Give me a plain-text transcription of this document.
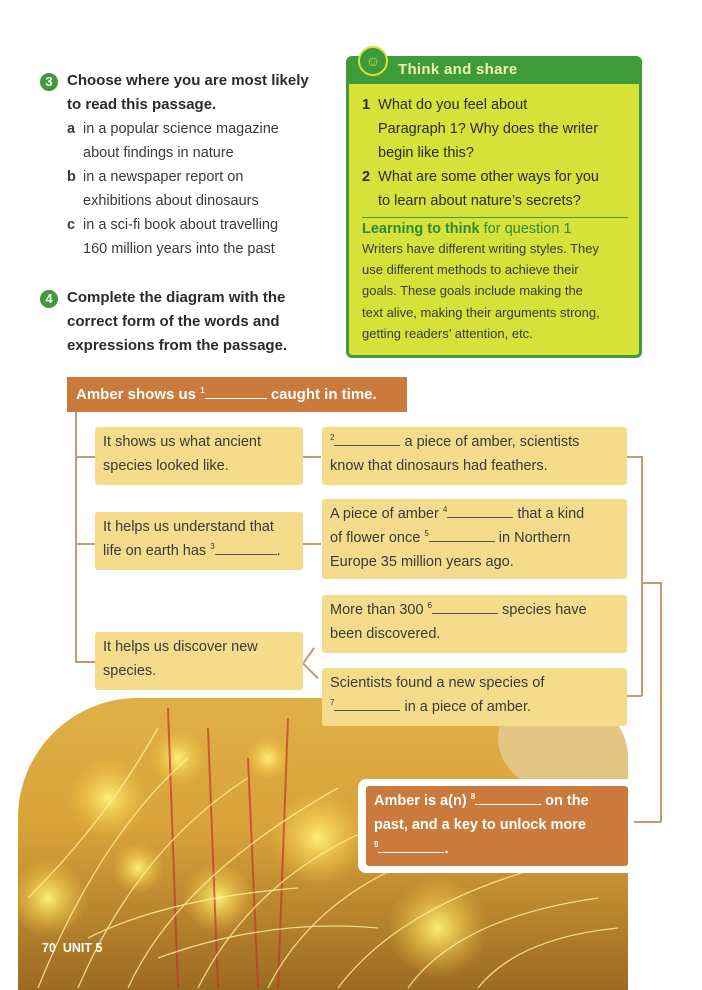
3 Choose where you are most likely
to read this passage.
a in a popular science magazine
about findings in nature
b in a newspaper report on
exhibitions about dinosaurs
c in a sci-fi book about travelling
160 million years into the past
4 Complete the diagram with the
correct form of the words and
expressions from the passage.
☺	Think and share
1 What do you feel about
Paragraph 1? Why does the writer
begin like this?
2 What are some other ways for you
to learn about nature’s secrets?
Learning to think for question 1
Writers have different writing styles. They
use different methods to achieve their
goals. These goals include making the
text alive, making their arguments strong,
getting readers’ attention, etc.
Amber shows us $^1$	caught in time.
It shows us what ancient
species looked like.
It helps us understand that
life on earth has $^3$	.
It helps us discover new
species.
$^2$	a piece of amber, scientists
know that dinosaurs had feathers.
A piece of amber $^4$	that a kind
of flower once $^5$	in Northern
Europe 35 million years ago.
More than 300 $^6$	species have
been discovered.
Scientists found a new species of
$^7$	in a piece of amber.
Amber is a(n) $^8$	on the
past, and a key to unlock more
$^9$	.
70 UNIT 5
